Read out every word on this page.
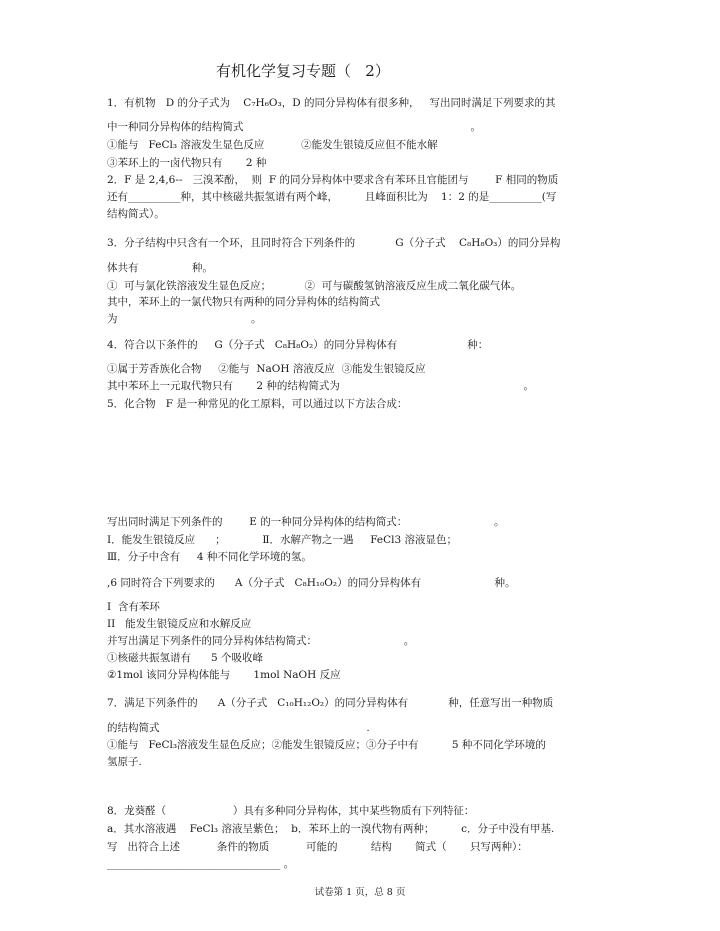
有机化学复习专题（   2）
1．有机物   D 的分子式为    C₇H₆O₃，D 的同分异构体有很多种，   写出同时满足下列要求的其
中一种同分异构体的结构简式                                                                    。
①能与   FeCl₃ 溶液发生显色反应           ②能发生银镜反应但不能水解
③苯环上的一卤代物只有       2 种
2．F 是 2,4,6--   三溴苯酚，  则  F 的同分异构体中要求含有苯环且官能团与        F 相同的物质
还有__________种，其中核磁共振氢谱有两个峰，        且峰面积比为    1：2 的是__________(写
结构简式）。
3．分子结构中只含有一个环，且同时符合下列条件的            G（分子式    C₈H₈O₃）的同分异构
体共有                种。
①  可与氯化铁溶液发生显色反应；          ②  可与碳酸氢钠溶液反应生成二氧化碳气体。
其中，苯环上的一氯代物只有两种的同分异构体的结构简式
为                                        。
4．符合以下条件的     G（分子式   C₈H₈O₂）的同分异构体有                     种：
①属于芳香族化合物     ②能与  NaOH 溶液反应  ③能发生银镜反应
其中苯环上一元取代物只有       2 种的结构简式为                                                       。
5．化合物   F 是一种常见的化工原料，可以通过以下方法合成：
写出同时满足下列条件的        E 的一种同分异构体的结构简式：                          。
Ⅰ．能发生银镜反应      ；           Ⅱ．水解产物之一遇     FeCl3 溶液显色；
Ⅲ．分子中含有     4 种不同化学环境的氢。
,6 同时符合下列要求的      A（分子式   C₈H₁₀O₂）的同分异构体有                      种。
I  含有苯环
II   能发生银镜反应和水解反应
并写出满足下列条件的同分异构体结构简式：                          。
①核磁共振氢谱有      5 个吸收峰
②1mol 该同分异构体能与       1mol NaOH 反应
7．满足下列条件的      A（分子式   C₁₀H₁₂O₂）的同分异构体有            种，任意写出一种物质
的结构简式                                                              .
①能与   FeCl₃溶液发生显色反应；②能发生银镜反应；③分子中有          5 种不同化学环境的
氢原子.
8．龙葵醛（                    ）具有多种同分异构体，其中某些物质有下列特征：
a．其水溶液遇    FeCl₃ 溶液呈紫色；  b．苯环上的一溴代物有两种；        c．分子中没有甲基.
写   出符合上述           条件的物质           可能的          结构       简式（       只写两种）：
_________________________________ 。
试卷第 1 页，总 8 页
